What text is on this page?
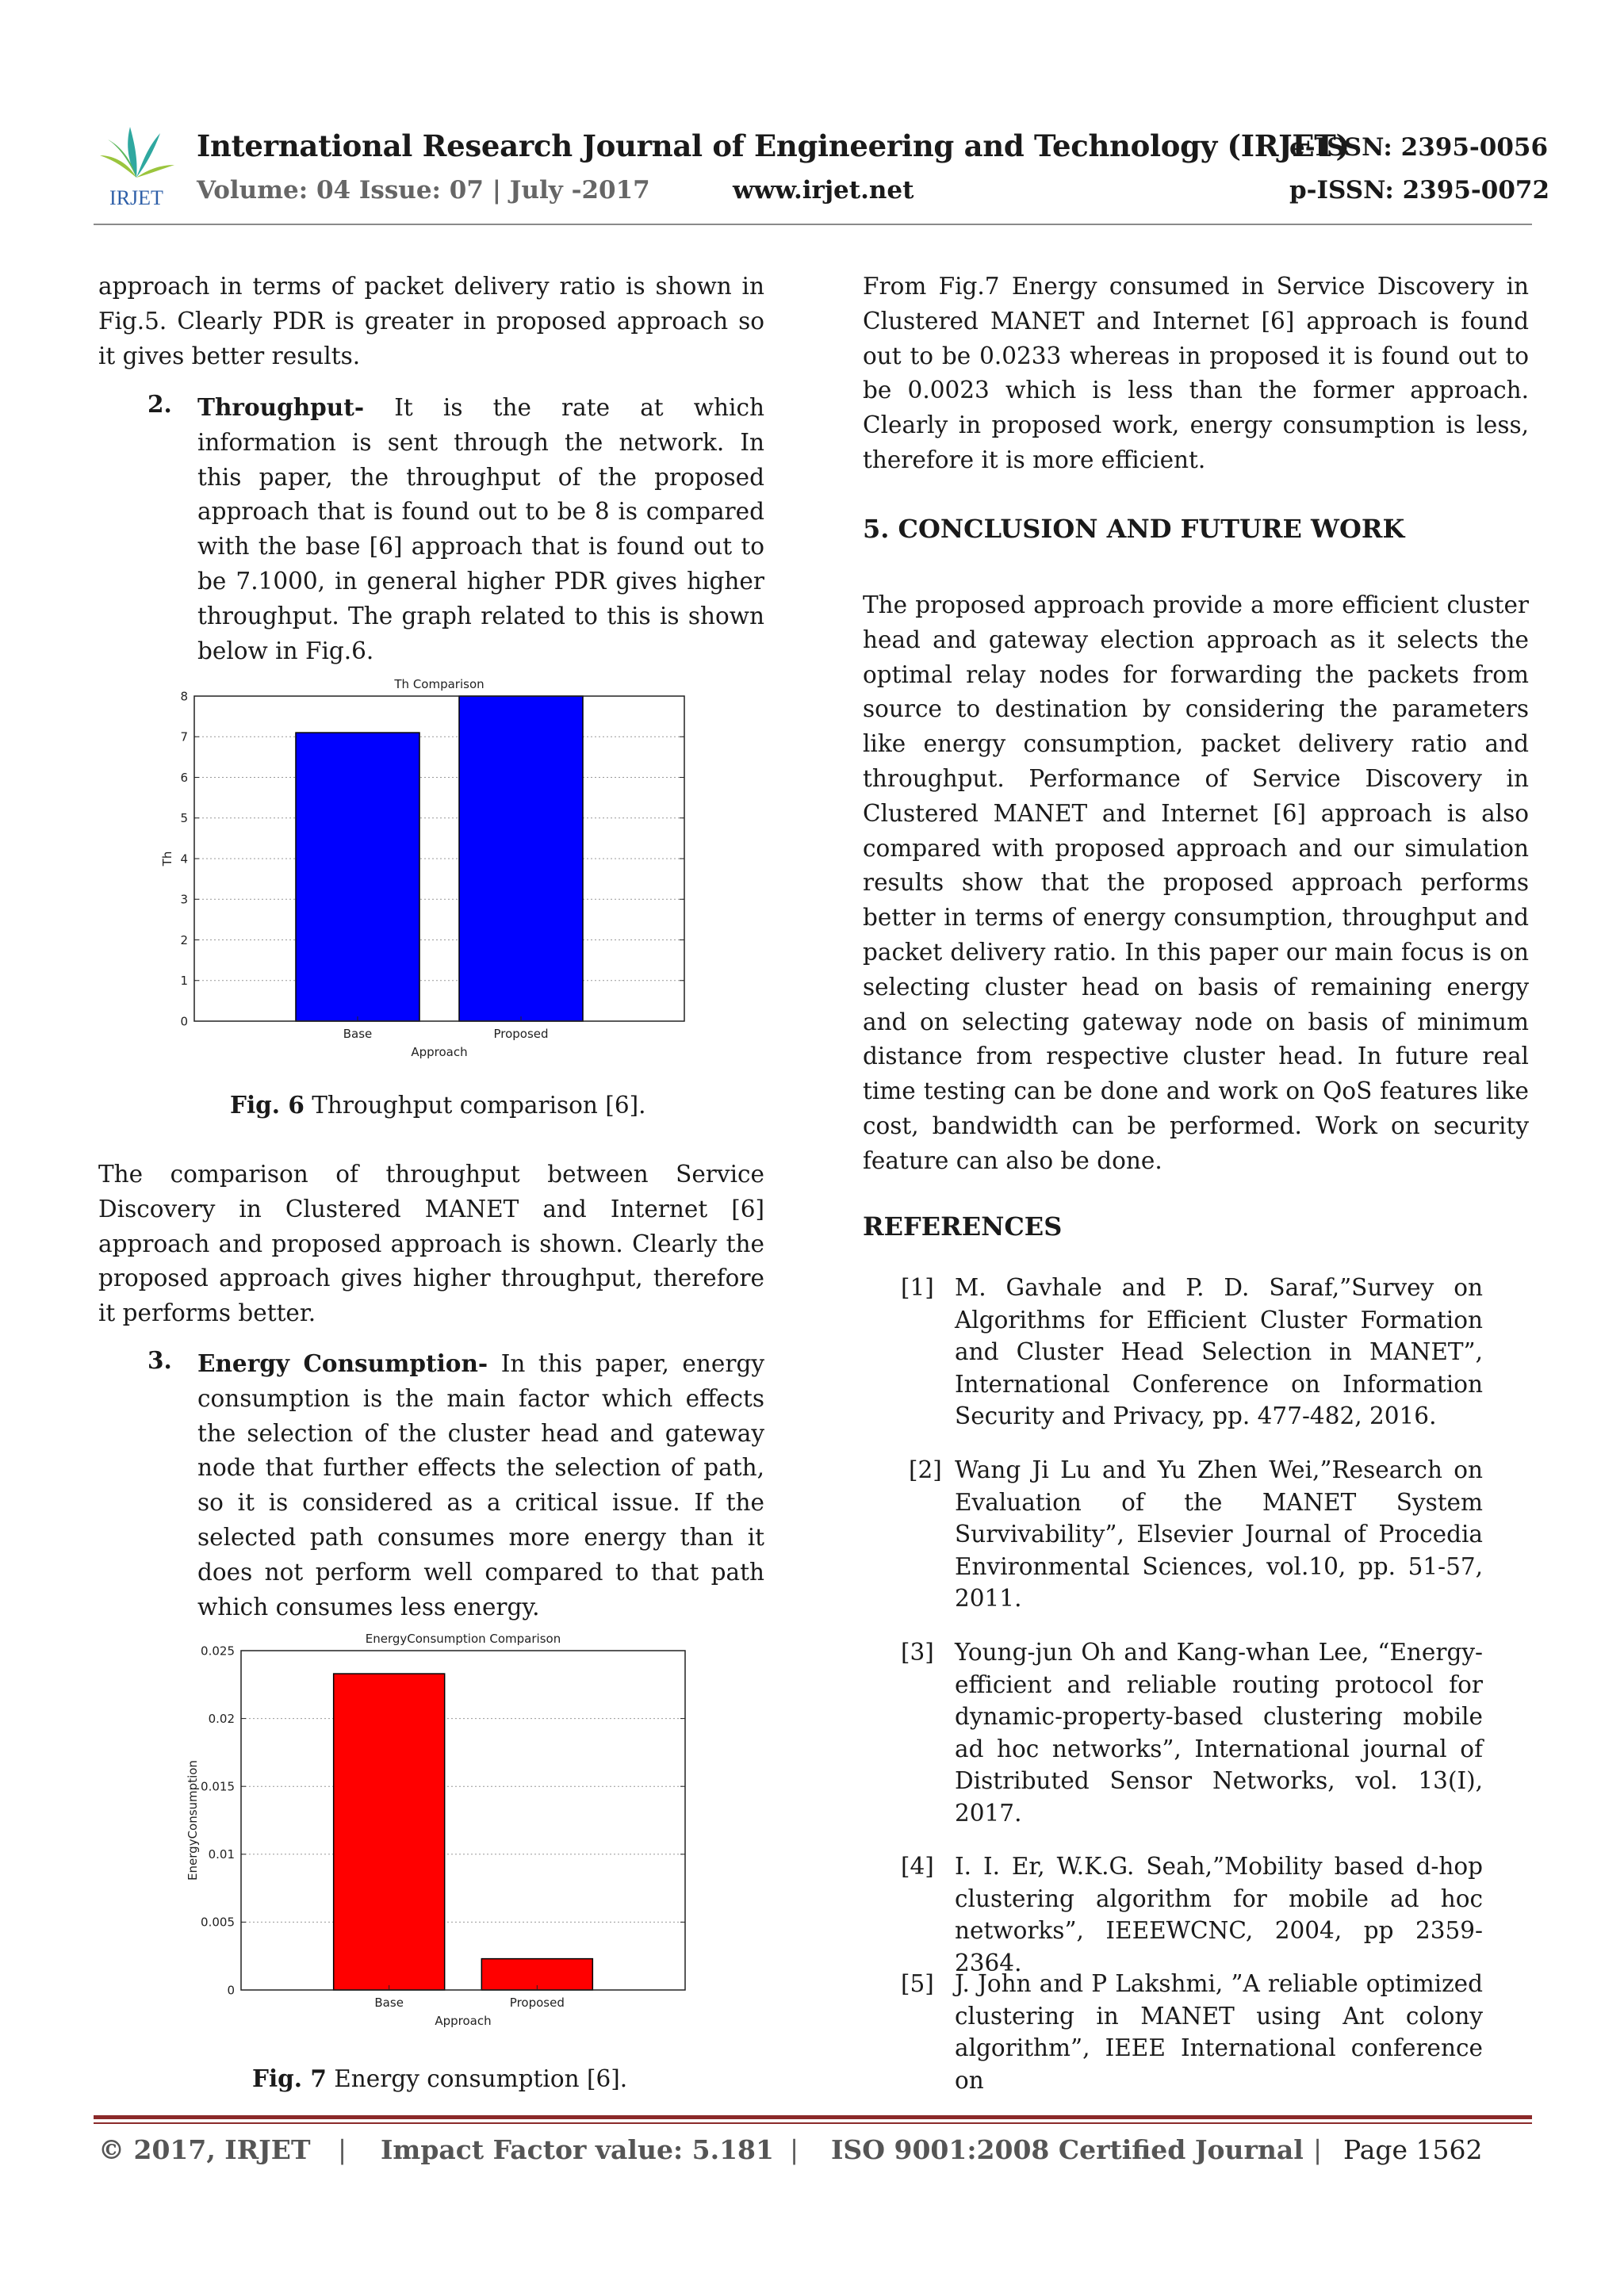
IRJET
International Research Journal of Engineering and Technology (IRJET)
e-ISSN: 2395-0056
Volume: 04 Issue: 07 | July -2017	www.irjet.net	p-ISSN: 2395-0072
approach in terms of packet delivery ratio is shown in Fig.5. Clearly PDR is greater in proposed approach so it gives better results.
2. Throughput- It is the rate at which information is sent through the network. In this paper, the throughput of the proposed approach that is found out to be 8 is compared with the base [6] approach that is found out to be 7.1000, in general higher PDR gives higher throughput. The graph related to this is shown below in Fig.6.
Th Comparison
0
1
2
3
4
5
6
7
8
Base	Proposed
Approach
Th
Fig. 6 Throughput comparison [6].
The comparison of throughput between Service Discovery in Clustered MANET and Internet [6] approach and proposed approach is shown. Clearly the proposed approach gives higher throughput, therefore it performs better.
3. Energy Consumption- In this paper, energy consumption is the main factor which effects the selection of the cluster head and gateway node that further effects the selection of path, so it is considered as a critical issue. If the selected path consumes more energy than it does not perform well compared to that path which consumes less energy.
EnergyConsumption Comparison
0
0.005
0.01
0.015
0.02
0.025
Base	Proposed
Approach
EnergyConsumption
Fig. 7 Energy consumption [6].
From Fig.7 Energy consumed in Service Discovery in Clustered MANET and Internet [6] approach is found out to be 0.0233 whereas in proposed it is found out to be 0.0023 which is less than the former approach. Clearly in proposed work, energy consumption is less, therefore it is more efficient.
5. CONCLUSION AND FUTURE WORK
The proposed approach provide a more efficient cluster head and gateway election approach as it selects the optimal relay nodes for forwarding the packets from source to destination by considering the parameters like energy consumption, packet delivery ratio and throughput. Performance of Service Discovery in Clustered MANET and Internet [6] approach is also compared with proposed approach and our simulation results show that the proposed approach performs better in terms of energy consumption, throughput and packet delivery ratio. In this paper our main focus is on selecting cluster head on basis of remaining energy and on selecting gateway node on basis of minimum distance from respective cluster head. In future real time testing can be done and work on QoS features like cost, bandwidth can be performed. Work on security feature can also be done.
REFERENCES
[1] M. Gavhale and P. D. Saraf,”Survey on Algorithms for Efficient Cluster Formation and Cluster Head Selection in MANET”, International Conference on Information Security and Privacy, pp. 477-482, 2016.
[2] Wang Ji Lu and Yu Zhen Wei,”Research on Evaluation of the MANET System Survivability”, Elsevier Journal of Procedia Environmental Sciences, vol.10, pp. 51-57, 2011.
[3] Young-jun Oh and Kang-whan Lee, “Energy-efficient and reliable routing protocol for dynamic-property-based clustering mobile ad hoc networks”, International journal of Distributed Sensor Networks, vol. 13(I), 2017.
[4] I. I. Er, W.K.G. Seah,”Mobility based d-hop clustering algorithm for mobile ad hoc networks”, IEEEWCNC, 2004, pp 2359-2364.
[5] J. John and P Lakshmi, ”A reliable optimized clustering in MANET using Ant colony algorithm”, IEEE International conference on
© 2017, IRJET | Impact Factor value: 5.181 | ISO 9001:2008 Certified Journal | Page 1562
